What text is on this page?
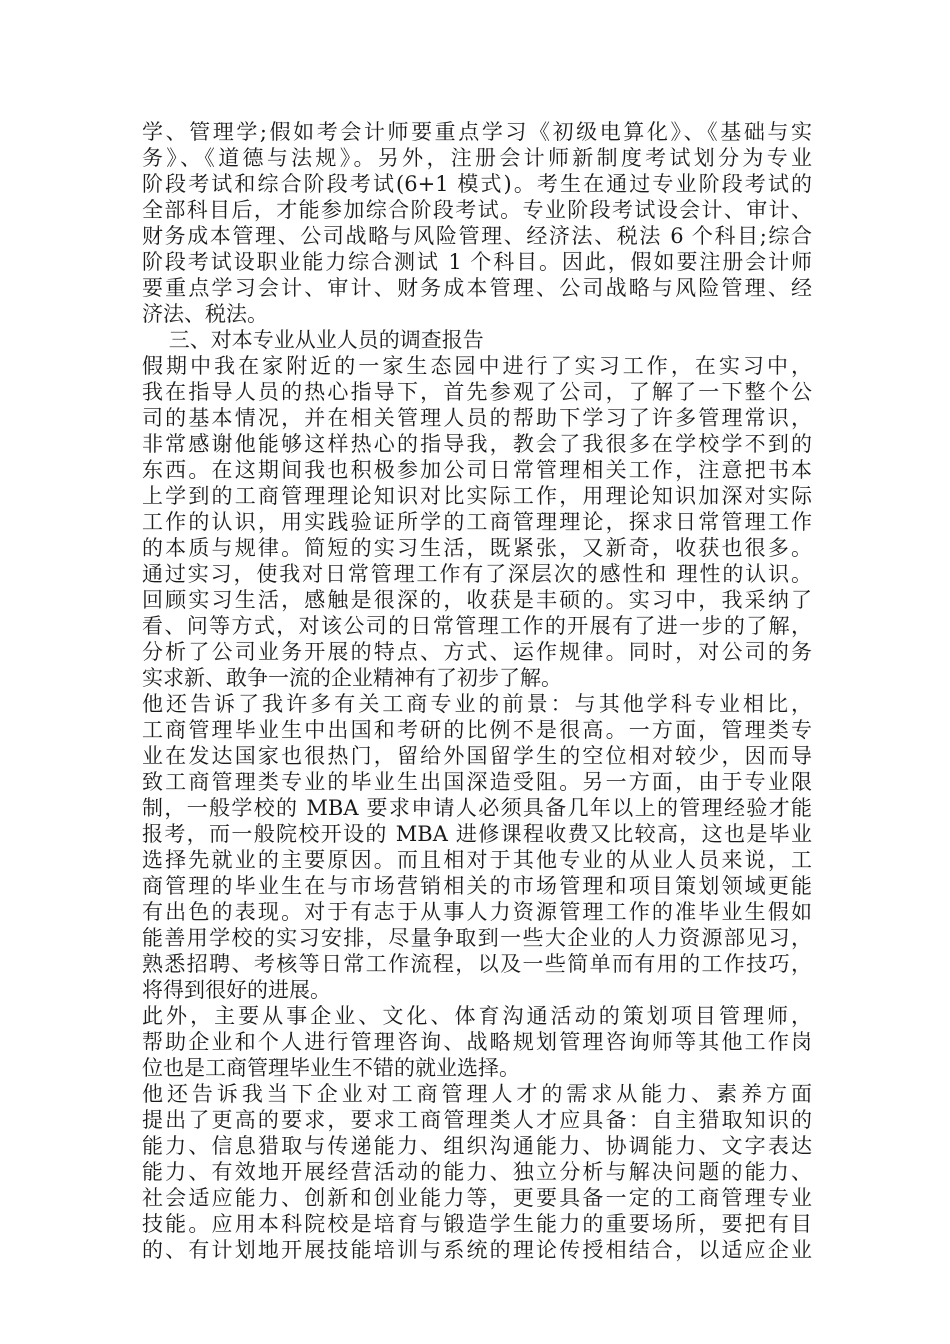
学、管理学;假如考会计师要重点学习《初级电算化》、《基础与实
务》、《道德与法规》。另外，注册会计师新制度考试划分为专业
阶段考试和综合阶段考试(6+1 模式)。考生在通过专业阶段考试的
全部科目后，才能参加综合阶段考试。专业阶段考试设会计、审计、
财务成本管理、公司战略与风险管理、经济法、税法 6 个科目;综合
阶段考试设职业能力综合测试 1 个科目。因此，假如要注册会计师
要重点学习会计、审计、财务成本管理、公司战略与风险管理、经
济法、税法。
三、对本专业从业人员的调查报告
假期中我在家附近的一家生态园中进行了实习工作，在实习中，
我在指导人员的热心指导下，首先参观了公司，了解了一下整个公
司的基本情况，并在相关管理人员的帮助下学习了许多管理常识，
非常感谢他能够这样热心的指导我，教会了我很多在学校学不到的
东西。在这期间我也积极参加公司日常管理相关工作，注意把书本
上学到的工商管理理论知识对比实际工作，用理论知识加深对实际
工作的认识，用实践验证所学的工商管理理论，探求日常管理工作
的本质与规律。简短的实习生活，既紧张，又新奇，收获也很多。
通过实习，使我对日常管理工作有了深层次的感性和 理性的认识。
回顾实习生活，感触是很深的，收获是丰硕的。实习中，我采纳了
看、问等方式，对该公司的日常管理工作的开展有了进一步的了解，
分析了公司业务开展的特点、方式、运作规律。同时，对公司的务
实求新、敢争一流的企业精神有了初步了解。
他还告诉了我许多有关工商专业的前景：与其他学科专业相比，
工商管理毕业生中出国和考研的比例不是很高。一方面，管理类专
业在发达国家也很热门，留给外国留学生的空位相对较少，因而导
致工商管理类专业的毕业生出国深造受阻。另一方面，由于专业限
制，一般学校的 MBA 要求申请人必须具备几年以上的管理经验才能
报考，而一般院校开设的 MBA 进修课程收费又比较高，这也是毕业
选择先就业的主要原因。而且相对于其他专业的从业人员来说，工
商管理的毕业生在与市场营销相关的市场管理和项目策划领域更能
有出色的表现。对于有志于从事人力资源管理工作的准毕业生假如
能善用学校的实习安排，尽量争取到一些大企业的人力资源部见习，
熟悉招聘、考核等日常工作流程，以及一些简单而有用的工作技巧，
将得到很好的进展。
此外，主要从事企业、文化、体育沟通活动的策划项目管理师，
帮助企业和个人进行管理咨询、战略规划管理咨询师等其他工作岗
位也是工商管理毕业生不错的就业选择。
他还告诉我当下企业对工商管理人才的需求从能力、素养方面
提出了更高的要求，要求工商管理类人才应具备：自主猎取知识的
能力、信息猎取与传递能力、组织沟通能力、协调能力、文字表达
能力、有效地开展经营活动的能力、独立分析与解决问题的能力、
社会适应能力、创新和创业能力等，更要具备一定的工商管理专业
技能。应用本科院校是培育与锻造学生能力的重要场所，要把有目
的、有计划地开展技能培训与系统的理论传授相结合，以适应企业
